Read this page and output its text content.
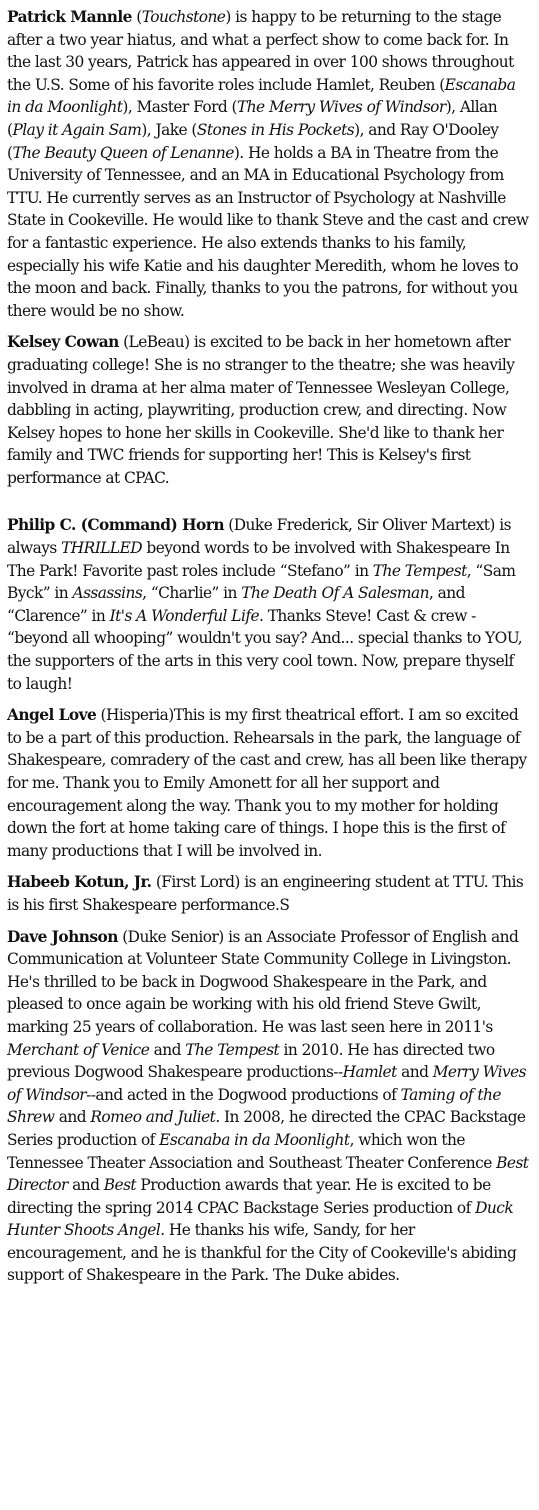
Patrick Mannle (Touchstone) is happy to be returning to the stage after a two year hiatus, and what a perfect show to come back for. In the last 30 years, Patrick has appeared in over 100 shows throughout the U.S. Some of his favorite roles include Hamlet, Reuben (Escanaba in da Moonlight), Master Ford (The Merry Wives of Windsor), Allan (Play it Again Sam), Jake (Stones in His Pockets), and Ray O'Dooley (The Beauty Queen of Lenanne). He holds a BA in Theatre from the University of Tennessee, and an MA in Educational Psychology from TTU. He currently serves as an Instructor of Psychology at Nashville State in Cookeville. He would like to thank Steve and the cast and crew for a fantastic experience. He also extends thanks to his family, especially his wife Katie and his daughter Meredith, whom he loves to the moon and back. Finally, thanks to you the patrons, for without you there would be no show.

Kelsey Cowan (LeBeau) is excited to be back in her hometown after graduating college! She is no stranger to the theatre; she was heavily involved in drama at her alma mater of Tennessee Wesleyan College, dabbling in acting, playwriting, production crew, and directing. Now Kelsey hopes to hone her skills in Cookeville. She'd like to thank her family and TWC friends for supporting her! This is Kelsey's first performance at CPAC.

Philip C. (Command) Horn (Duke Frederick, Sir Oliver Martext) is always THRILLED beyond words to be involved with Shakespeare In The Park! Favorite past roles include “Stefano” in The Tempest, “Sam Byck” in Assassins, “Charlie” in The Death Of A Salesman, and “Clarence” in It's A Wonderful Life. Thanks Steve! Cast & crew - “beyond all whooping” wouldn't you say? And... special thanks to YOU, the supporters of the arts in this very cool town. Now, prepare thyself to laugh!

Angel Love (Hisperia)This is my first theatrical effort. I am so excited to be a part of this production. Rehearsals in the park, the language of Shakespeare, comradery of the cast and crew, has all been like therapy for me. Thank you to Emily Amonett for all her support and encouragement along the way. Thank you to my mother for holding down the fort at home taking care of things. I hope this is the first of many productions that I will be involved in.

Habeeb Kotun, Jr. (First Lord) is an engineering student at TTU. This is his first Shakespeare performance.S

Dave Johnson (Duke Senior) is an Associate Professor of English and Communication at Volunteer State Community College in Livingston. He's thrilled to be back in Dogwood Shakespeare in the Park, and pleased to once again be working with his old friend Steve Gwilt, marking 25 years of collaboration. He was last seen here in 2011's Merchant of Venice and The Tempest in 2010. He has directed two previous Dogwood Shakespeare productions--Hamlet and Merry Wives of Windsor--and acted in the Dogwood productions of Taming of the Shrew and Romeo and Juliet. In 2008, he directed the CPAC Backstage Series production of Escanaba in da Moonlight, which won the Tennessee Theater Association and Southeast Theater Conference Best Director and Best Production awards that year. He is excited to be directing the spring 2014 CPAC Backstage Series production of Duck Hunter Shoots Angel. He thanks his wife, Sandy, for her encouragement, and he is thankful for the City of Cookeville's abiding support of Shakespeare in the Park. The Duke abides.
